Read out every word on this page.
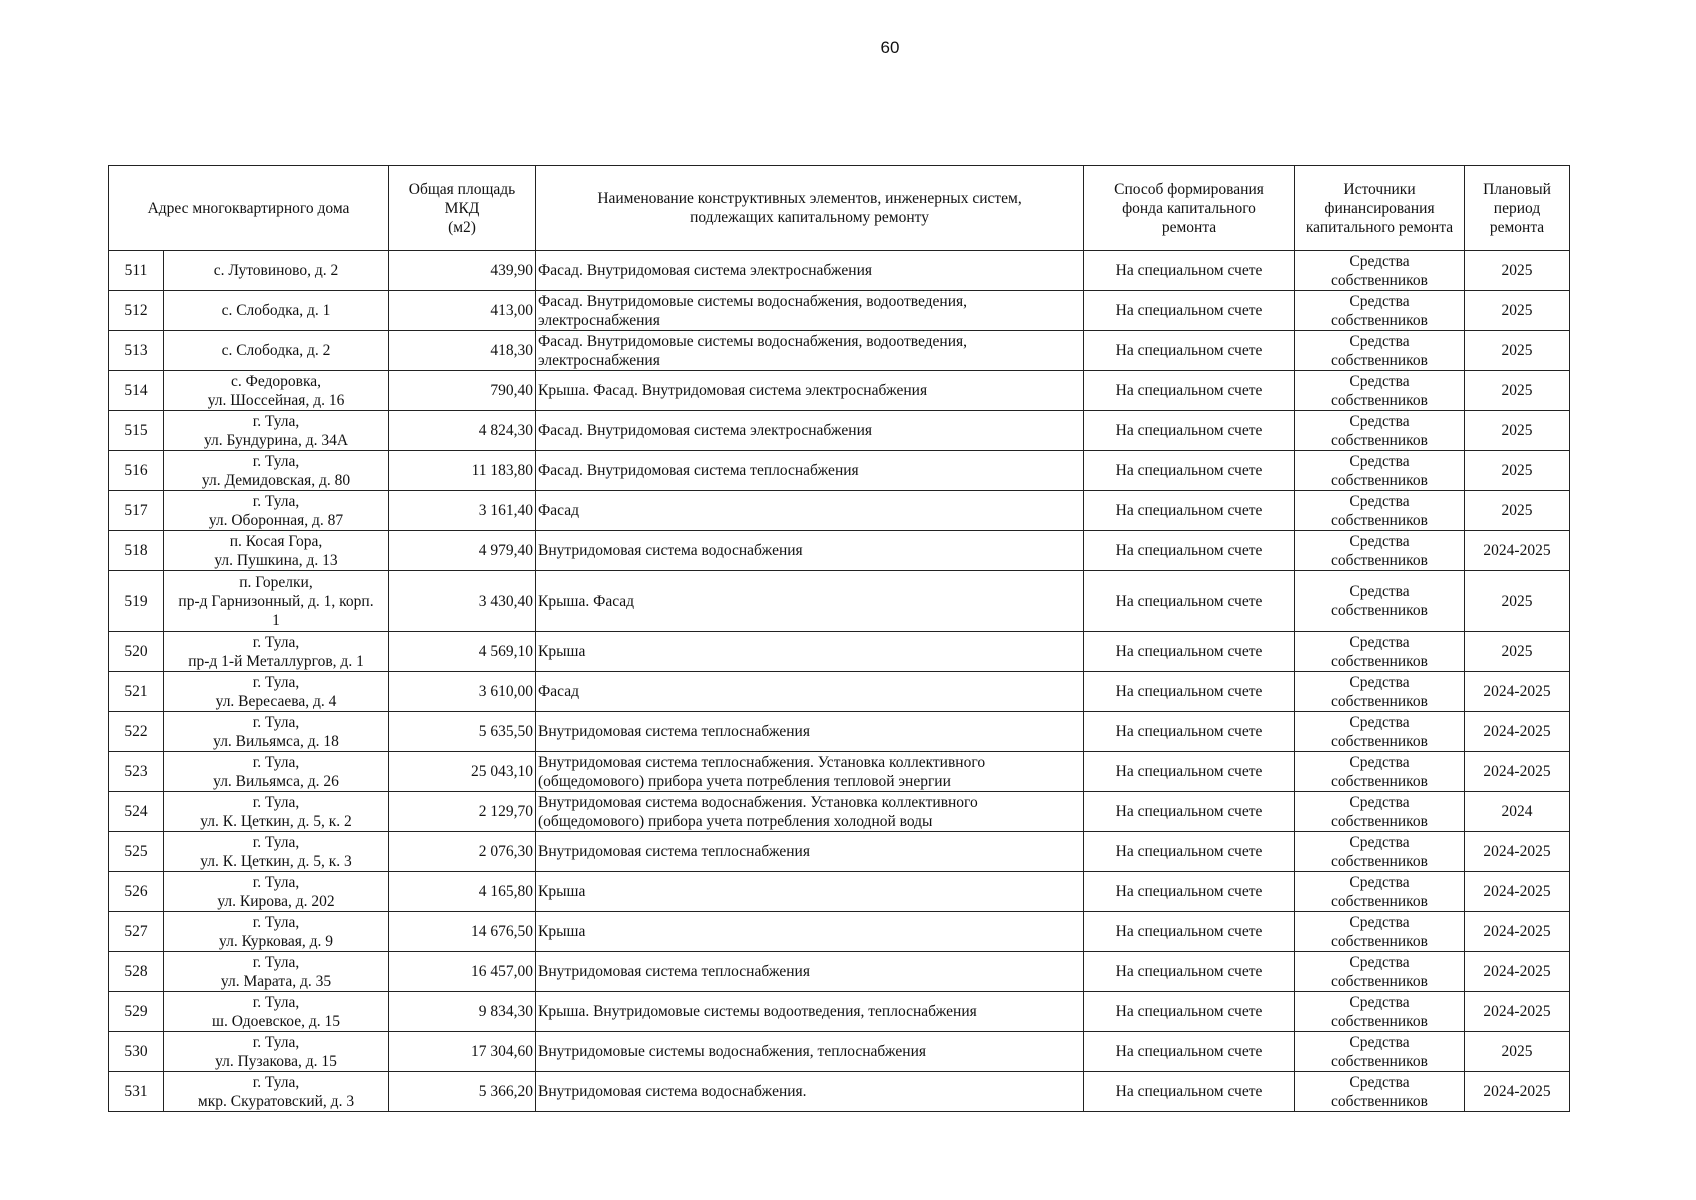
60
Адрес многоквартирного дома		Общая площадь
МКД
(м2)	Наименование конструктивных элементов, инженерных систем,
подлежащих капитальному ремонту	Способ формирования
фонда капитального
ремонта	Источники
финансирования
капитального ремонта	Плановый
период
ремонта

511	с. Лутовиново, д. 2	439,90	Фасад. Внутридомовая система электроснабжения	На специальном счете	Средства
собственников	2025
512	с. Слободка, д. 1	413,00	Фасад. Внутридомовые системы водоснабжения, водоотведения, электроснабжения	На специальном счете	Средства
собственников	2025
513	с. Слободка, д. 2	418,30	Фасад. Внутридомовые системы водоснабжения, водоотведения, электроснабжения	На специальном счете	Средства
собственников	2025
514	с. Федоровка,
ул. Шоссейная, д. 16	790,40	Крыша. Фасад. Внутридомовая система электроснабжения	На специальном счете	Средства
собственников	2025
515	г. Тула,
ул. Бундурина, д. 34А	4 824,30	Фасад. Внутридомовая система электроснабжения	На специальном счете	Средства
собственников	2025
516	г. Тула,
ул. Демидовская, д. 80	11 183,80	Фасад. Внутридомовая система теплоснабжения	На специальном счете	Средства
собственников	2025
517	г. Тула,
ул. Оборонная, д. 87	3 161,40	Фасад	На специальном счете	Средства
собственников	2025
518	п. Косая Гора,
ул. Пушкина, д. 13	4 979,40	Внутридомовая система водоснабжения	На специальном счете	Средства
собственников	2024-2025
519	п. Горелки,
пр-д Гарнизонный, д. 1, корп.
1	3 430,40	Крыша. Фасад	На специальном счете	Средства
собственников	2025
520	г. Тула,
пр-д 1-й Металлургов, д. 1	4 569,10	Крыша	На специальном счете	Средства
собственников	2025
521	г. Тула,
ул. Вересаева, д. 4	3 610,00	Фасад	На специальном счете	Средства
собственников	2024-2025
522	г. Тула,
ул. Вильямса, д. 18	5 635,50	Внутридомовая система теплоснабжения	На специальном счете	Средства
собственников	2024-2025
523	г. Тула,
ул. Вильямса, д. 26	25 043,10	Внутридомовая система теплоснабжения. Установка коллективного (общедомового) прибора учета потребления тепловой энергии	На специальном счете	Средства
собственников	2024-2025
524	г. Тула,
ул. К. Цеткин, д. 5, к. 2	2 129,70	Внутридомовая система водоснабжения. Установка коллективного (общедомового) прибора учета потребления холодной воды	На специальном счете	Средства
собственников	2024
525	г. Тула,
ул. К. Цеткин, д. 5, к. 3	2 076,30	Внутридомовая система теплоснабжения	На специальном счете	Средства
собственников	2024-2025
526	г. Тула,
ул. Кирова, д. 202	4 165,80	Крыша	На специальном счете	Средства
собственников	2024-2025
527	г. Тула,
ул. Курковая, д. 9	14 676,50	Крыша	На специальном счете	Средства
собственников	2024-2025
528	г. Тула,
ул. Марата, д. 35	16 457,00	Внутридомовая система теплоснабжения	На специальном счете	Средства
собственников	2024-2025
529	г. Тула,
ш. Одоевское, д. 15	9 834,30	Крыша. Внутридомовые системы водоотведения, теплоснабжения	На специальном счете	Средства
собственников	2024-2025
530	г. Тула,
ул. Пузакова, д. 15	17 304,60	Внутридомовые системы водоснабжения, теплоснабжения	На специальном счете	Средства
собственников	2025
531	г. Тула,
мкр. Скуратовский, д. 3	5 366,20	Внутридомовая система водоснабжения.	На специальном счете	Средства
собственников	2024-2025
